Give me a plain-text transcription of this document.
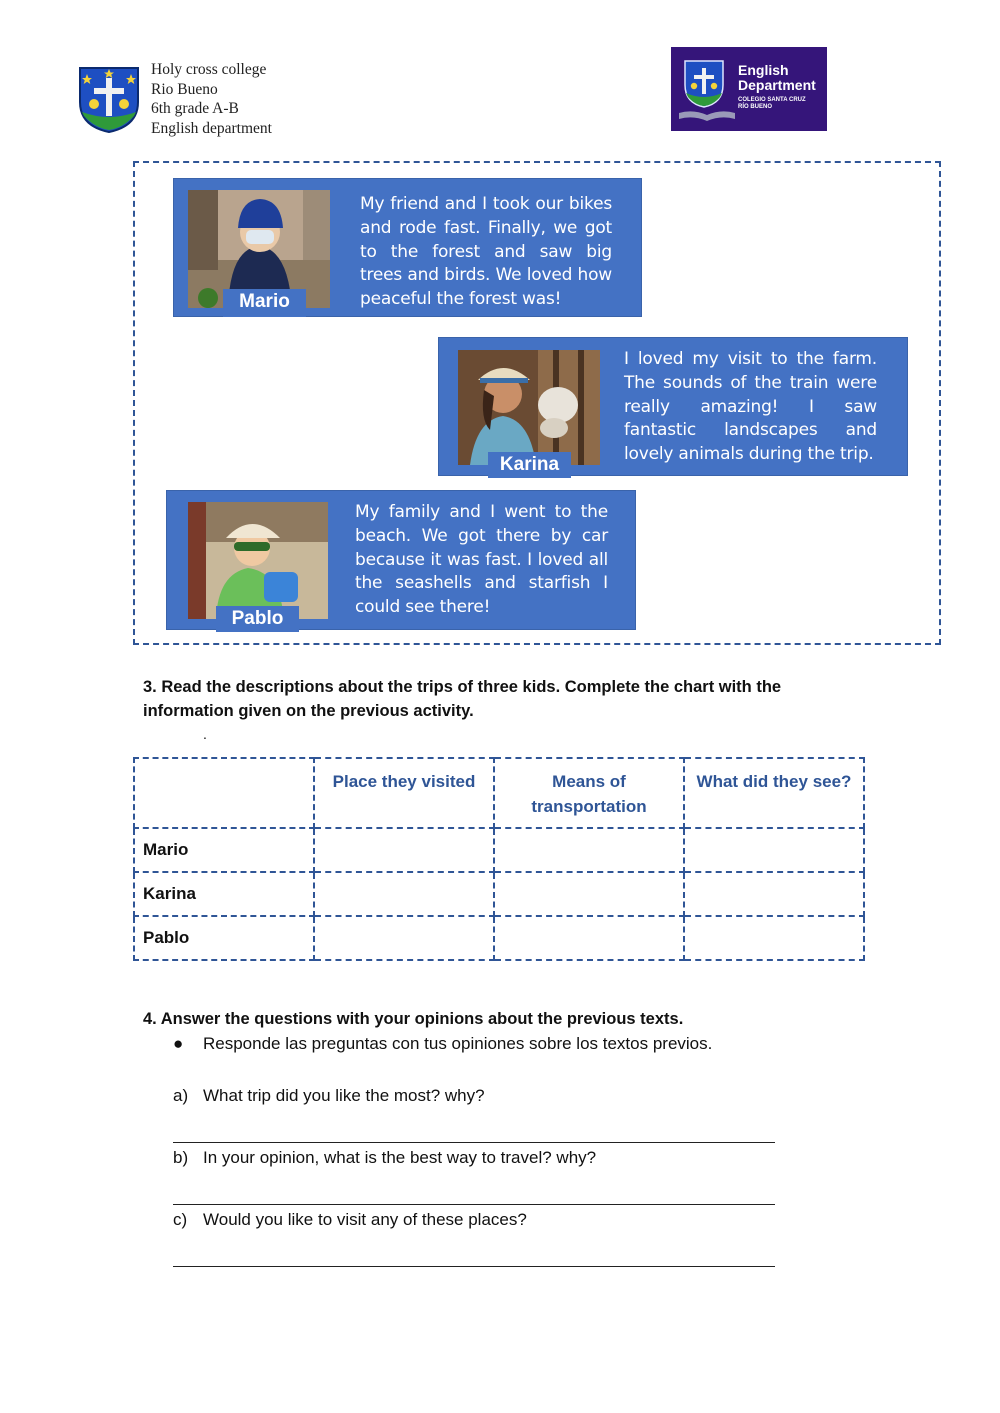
Holy cross college
Rio Bueno
6th grade A-B
English department
English
Department
COLEGIO SANTA CRUZ
RÍO BUENO
Mario
My friend and I took our bikes and rode fast. Finally, we got to the forest and saw big trees and birds. We loved how peaceful the forest was!
Karina
I loved my visit to the farm. The sounds of the train were really amazing! I saw fantastic landscapes and lovely animals during the trip.
Pablo
My family and I went to the beach. We got there by car because it was fast. I loved all the seashells and starfish I could see there!
3. Read the descriptions about the trips of three kids. Complete the chart with the information given on the previous activity.
.
	Place they visited	Means of transportation	What did they see?
Mario			
Karina			
Pablo			
4. Answer the questions with your opinions about the previous texts.
● Responde las preguntas con tus opiniones sobre los textos previos.
a) What trip did you like the most? why?
b) In your opinion, what is the best way to travel? why?
c) Would you like to visit any of these places?
